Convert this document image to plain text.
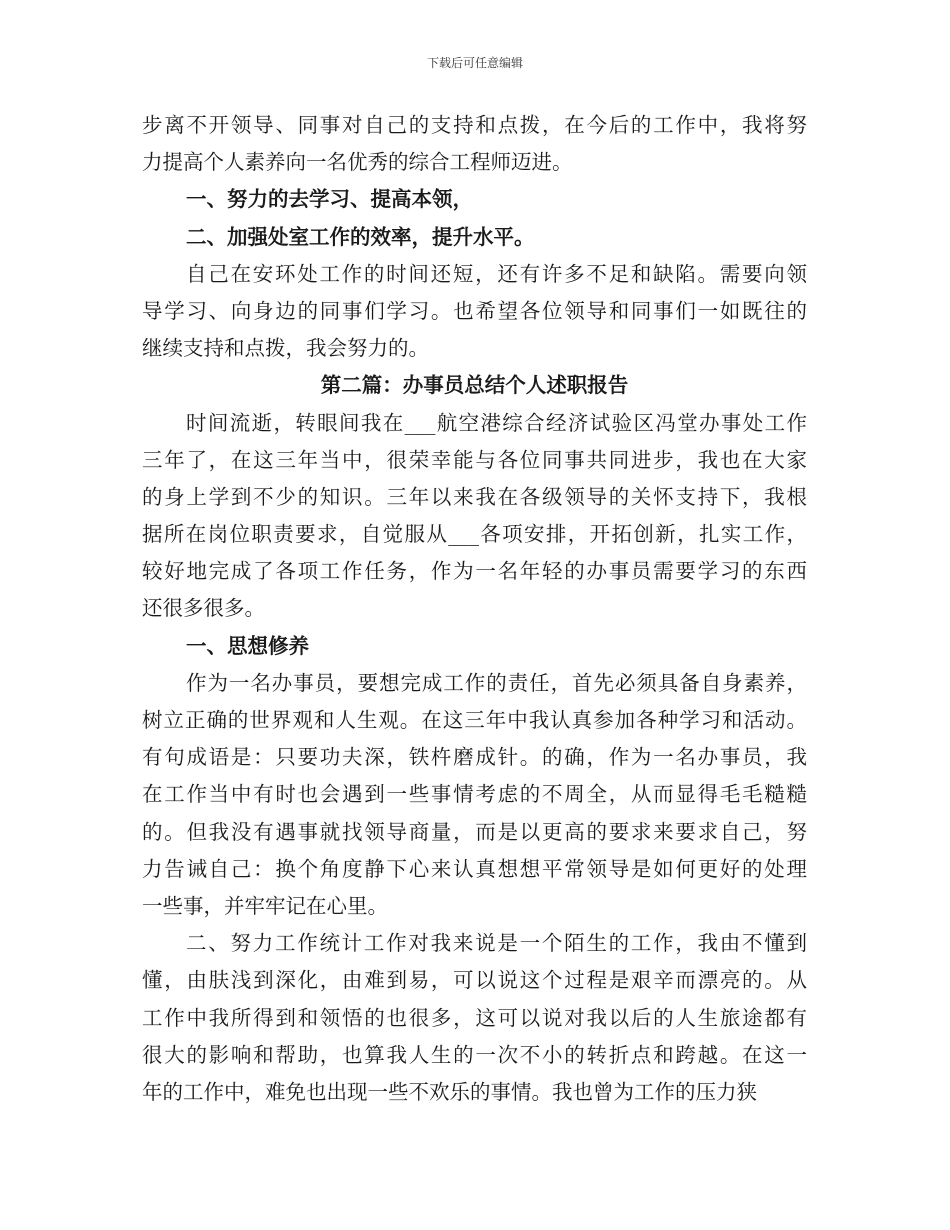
下载后可任意编辑
步离不开领导、同事对自己的支持和点拨，在今后的工作中，我将努
力提高个人素养向一名优秀的综合工程师迈进。
一、努力的去学习、提高本领，
二、加强处室工作的效率，提升水平。
自己在安环处工作的时间还短，还有许多不足和缺陷。需要向领
导学习、向身边的同事们学习。也希望各位领导和同事们一如既往的
继续支持和点拨，我会努力的。
第二篇：办事员总结个人述职报告
时间流逝，转眼间我在___航空港综合经济试验区冯堂办事处工作
三年了，在这三年当中，很荣幸能与各位同事共同进步，我也在大家
的身上学到不少的知识。三年以来我在各级领导的关怀支持下，我根
据所在岗位职责要求，自觉服从___各项安排，开拓创新，扎实工作，
较好地完成了各项工作任务，作为一名年轻的办事员需要学习的东西
还很多很多。
一、思想修养
作为一名办事员，要想完成工作的责任，首先必须具备自身素养，
树立正确的世界观和人生观。在这三年中我认真参加各种学习和活动。
有句成语是：只要功夫深，铁杵磨成针。的确，作为一名办事员，我
在工作当中有时也会遇到一些事情考虑的不周全，从而显得毛毛糙糙
的。但我没有遇事就找领导商量，而是以更高的要求来要求自己，努
力告诫自己：换个角度静下心来认真想想平常领导是如何更好的处理
一些事，并牢牢记在心里。
二、努力工作统计工作对我来说是一个陌生的工作，我由不懂到
懂，由肤浅到深化，由难到易，可以说这个过程是艰辛而漂亮的。从
工作中我所得到和领悟的也很多，这可以说对我以后的人生旅途都有
很大的影响和帮助，也算我人生的一次不小的转折点和跨越。在这一
年的工作中，难免也出现一些不欢乐的事情。我也曾为工作的压力狭
